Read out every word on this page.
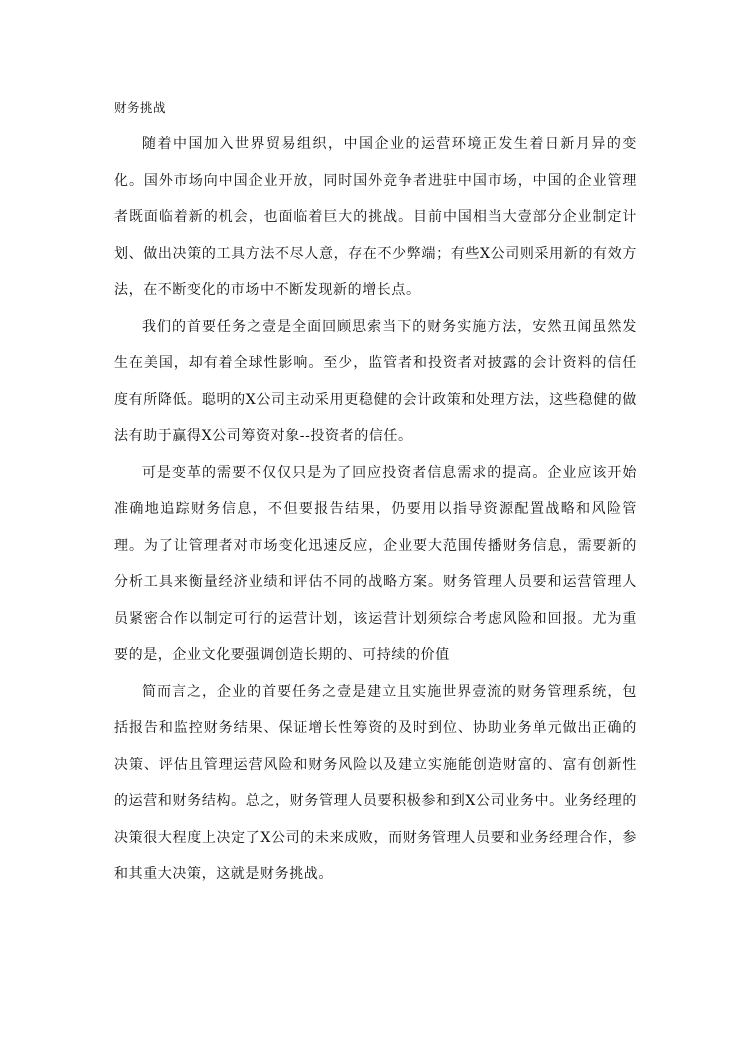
财务挑战

随着中国加入世界贸易组织，中国企业的运营环境正发生着日新月异的变化。国外市场向中国企业开放，同时国外竞争者进驻中国市场，中国的企业管理者既面临着新的机会，也面临着巨大的挑战。目前中国相当大壹部分企业制定计划、做出决策的工具方法不尽人意，存在不少弊端；有些X公司则采用新的有效方法，在不断变化的市场中不断发现新的增长点。

我们的首要任务之壹是全面回顾思索当下的财务实施方法，安然丑闻虽然发生在美国，却有着全球性影响。至少，监管者和投资者对披露的会计资料的信任度有所降低。聪明的X公司主动采用更稳健的会计政策和处理方法，这些稳健的做法有助于赢得X公司筹资对象--投资者的信任。

可是变革的需要不仅仅只是为了回应投资者信息需求的提高。企业应该开始准确地追踪财务信息，不但要报告结果，仍要用以指导资源配置战略和风险管理。为了让管理者对市场变化迅速反应，企业要大范围传播财务信息，需要新的分析工具来衡量经济业绩和评估不同的战略方案。财务管理人员要和运营管理人员紧密合作以制定可行的运营计划，该运营计划须综合考虑风险和回报。尤为重要的是，企业文化要强调创造长期的、可持续的价值

简而言之，企业的首要任务之壹是建立且实施世界壹流的财务管理系统，包括报告和监控财务结果、保证增长性筹资的及时到位、协助业务单元做出正确的决策、评估且管理运营风险和财务风险以及建立实施能创造财富的、富有创新性的运营和财务结构。总之，财务管理人员要积极参和到X公司业务中。业务经理的决策很大程度上决定了X公司的未来成败，而财务管理人员要和业务经理合作，参和其重大决策，这就是财务挑战。
